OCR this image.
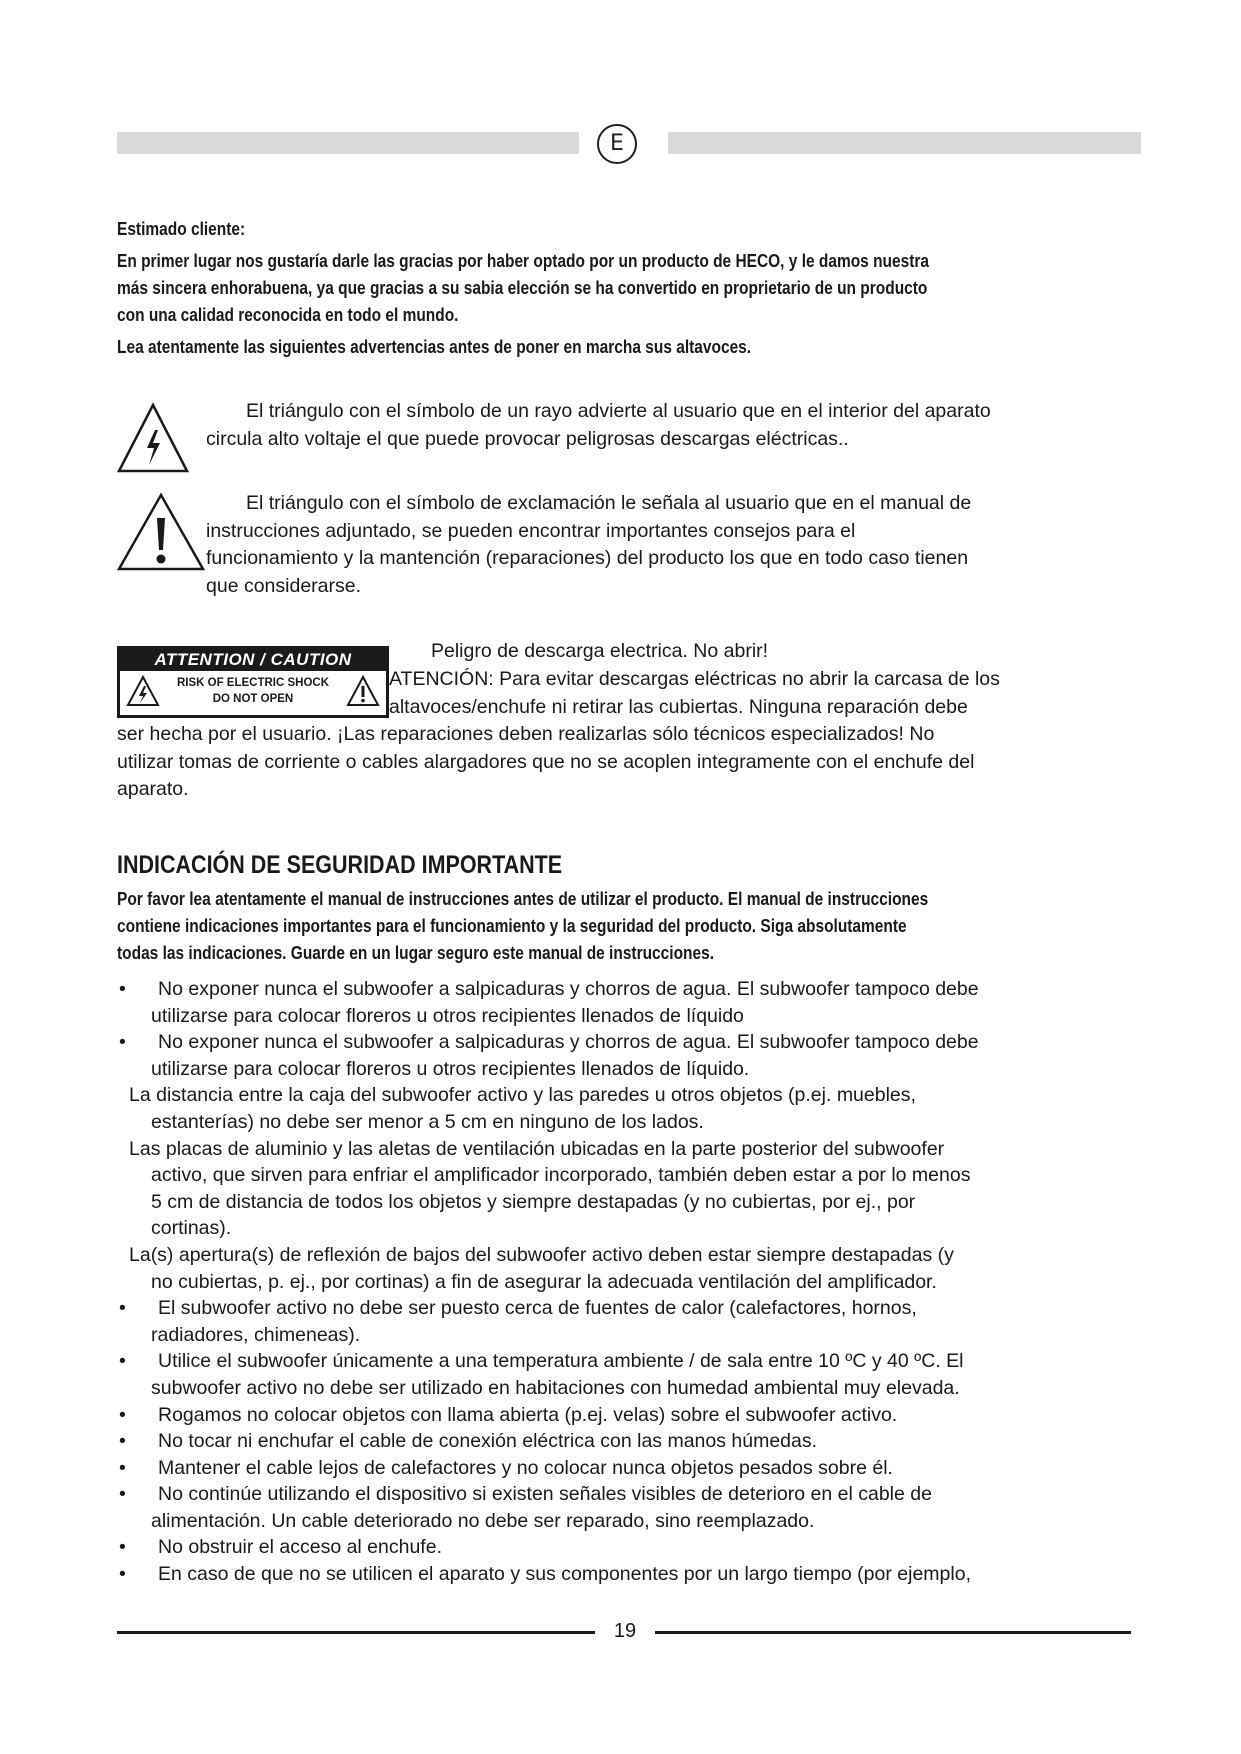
E

Estimado cliente:

En primer lugar nos gustaría darle las gracias por haber optado por un producto de HECO, y le damos nuestra
más sincera enhorabuena, ya que gracias a su sabia elección se ha convertido en proprietario de un producto
con una calidad reconocida en todo el mundo.

Lea atentamente las siguientes advertencias antes de poner en marcha sus altavoces.

El triángulo con el símbolo de un rayo advierte al usuario que en el interior del aparato
circula alto voltaje el que puede provocar peligrosas descargas eléctricas..
El triángulo con el símbolo de exclamación le señala al usuario que en el manual de
instrucciones adjuntado, se pueden encontrar importantes consejos para el
funcionamiento y la mantención (reparaciones) del producto los que en todo caso tienen
que considerarse.
ATTENTION / CAUTION
RISK OF ELECTRIC SHOCK
DO NOT OPEN
Peligro de descarga electrica. No abrir!
ATENCIÓN: Para evitar descargas eléctricas no abrir la carcasa de los
altavoces/enchufe ni retirar las cubiertas. Ninguna reparación debe
ser hecha por el usuario. ¡Las reparaciones deben realizarlas sólo técnicos especializados! No
utilizar tomas de corriente o cables alargadores que no se acoplen integramente con el enchufe del
aparato.
INDICACIÓN DE SEGURIDAD IMPORTANTE

Por favor lea atentamente el manual de instrucciones antes de utilizar el producto. El manual de instrucciones
contiene indicaciones importantes para el funcionamiento y la seguridad del producto. Siga absolutamente
todas las indicaciones. Guarde en un lugar seguro este manual de instrucciones.

• No exponer nunca el subwoofer a salpicaduras y chorros de agua. El subwoofer tampoco debe
utilizarse para colocar floreros u otros recipientes llenados de líquido
• No exponer nunca el subwoofer a salpicaduras y chorros de agua. El subwoofer tampoco debe
utilizarse para colocar floreros u otros recipientes llenados de líquido.
La distancia entre la caja del subwoofer activo y las paredes u otros objetos (p.ej. muebles,
estanterías) no debe ser menor a 5 cm en ninguno de los lados.
Las placas de aluminio y las aletas de ventilación ubicadas en la parte posterior del subwoofer
activo, que sirven para enfriar el amplificador incorporado, también deben estar a por lo menos
5 cm de distancia de todos los objetos y siempre destapadas (y no cubiertas, por ej., por
cortinas).
La(s) apertura(s) de reflexión de bajos del subwoofer activo deben estar siempre destapadas (y
no cubiertas, p. ej., por cortinas) a fin de asegurar la adecuada ventilación del amplificador.
• El subwoofer activo no debe ser puesto cerca de fuentes de calor (calefactores, hornos,
radiadores, chimeneas).
• Utilice el subwoofer únicamente a una temperatura ambiente / de sala entre 10 ºC y 40 ºC. El
subwoofer activo no debe ser utilizado en habitaciones con humedad ambiental muy elevada.
• Rogamos no colocar objetos con llama abierta (p.ej. velas) sobre el subwoofer activo.
• No tocar ni enchufar el cable de conexión eléctrica con las manos húmedas.
• Mantener el cable lejos de calefactores y no colocar nunca objetos pesados sobre él.
• No continúe utilizando el dispositivo si existen señales visibles de deterioro en el cable de
alimentación. Un cable deteriorado no debe ser reparado, sino reemplazado.
• No obstruir el acceso al enchufe.
• En caso de que no se utilicen el aparato y sus componentes por un largo tiempo (por ejemplo,
19
